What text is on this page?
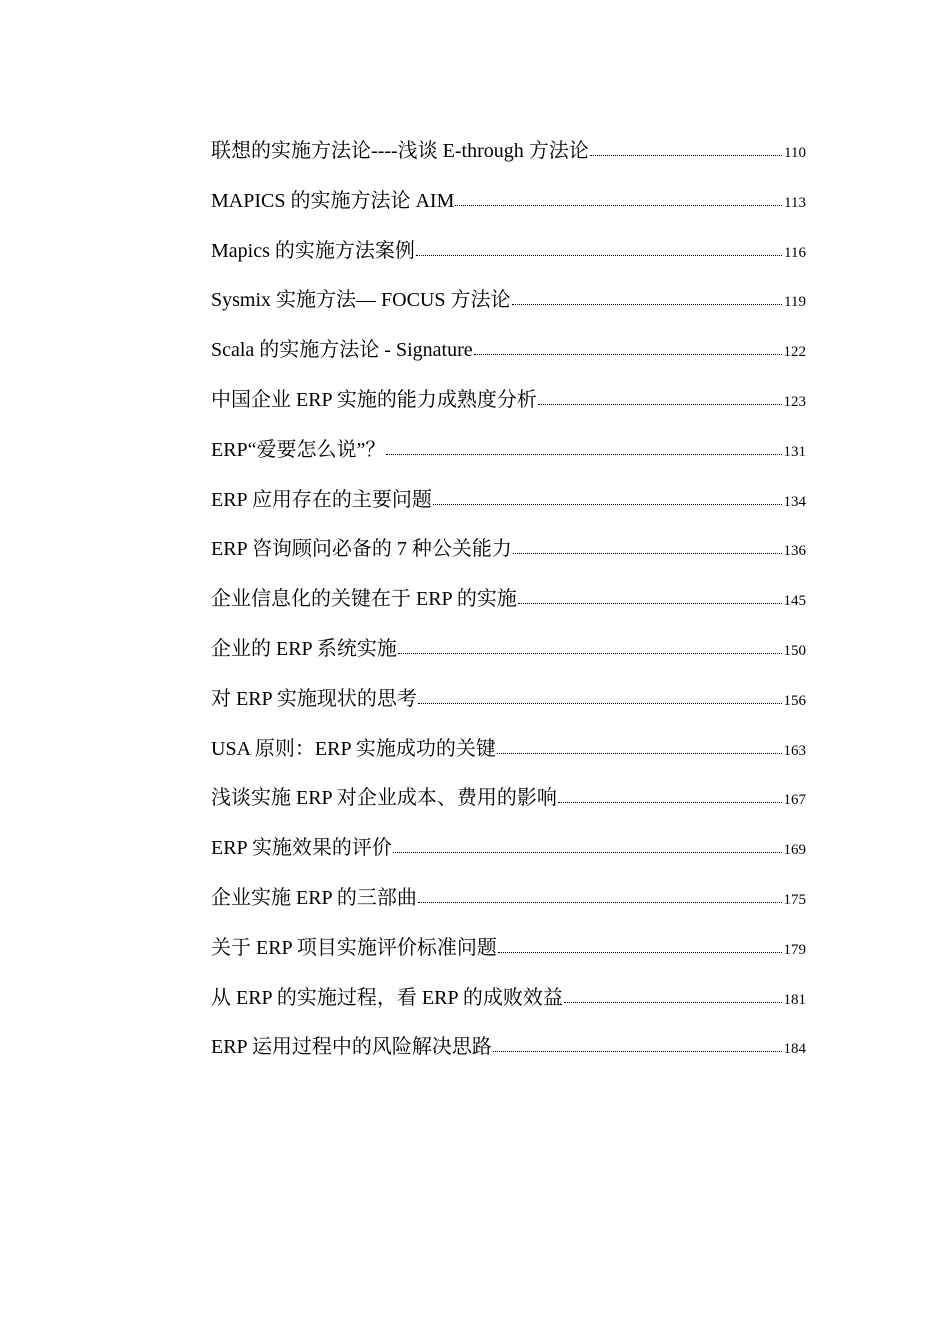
联想的实施方法论----浅谈 E-through 方法论	110
MAPICS 的实施方法论 AIM	113
Mapics 的实施方法案例	116
Sysmix 实施方法— FOCUS 方法论	119
Scala 的实施方法论 - Signature	122
中国企业 ERP 实施的能力成熟度分析	123
ERP“爱要怎么说”？	131
ERP 应用存在的主要问题	134
ERP 咨询顾问必备的 7 种公关能力	136
企业信息化的关键在于 ERP 的实施	145
企业的 ERP 系统实施	150
对 ERP 实施现状的思考	156
USA 原则：ERP 实施成功的关键	163
浅谈实施 ERP 对企业成本、费用的影响	167
ERP 实施效果的评价	169
企业实施 ERP 的三部曲	175
关于 ERP 项目实施评价标准问题	179
从 ERP 的实施过程，看 ERP 的成败效益	181
ERP 运用过程中的风险解决思路	184
